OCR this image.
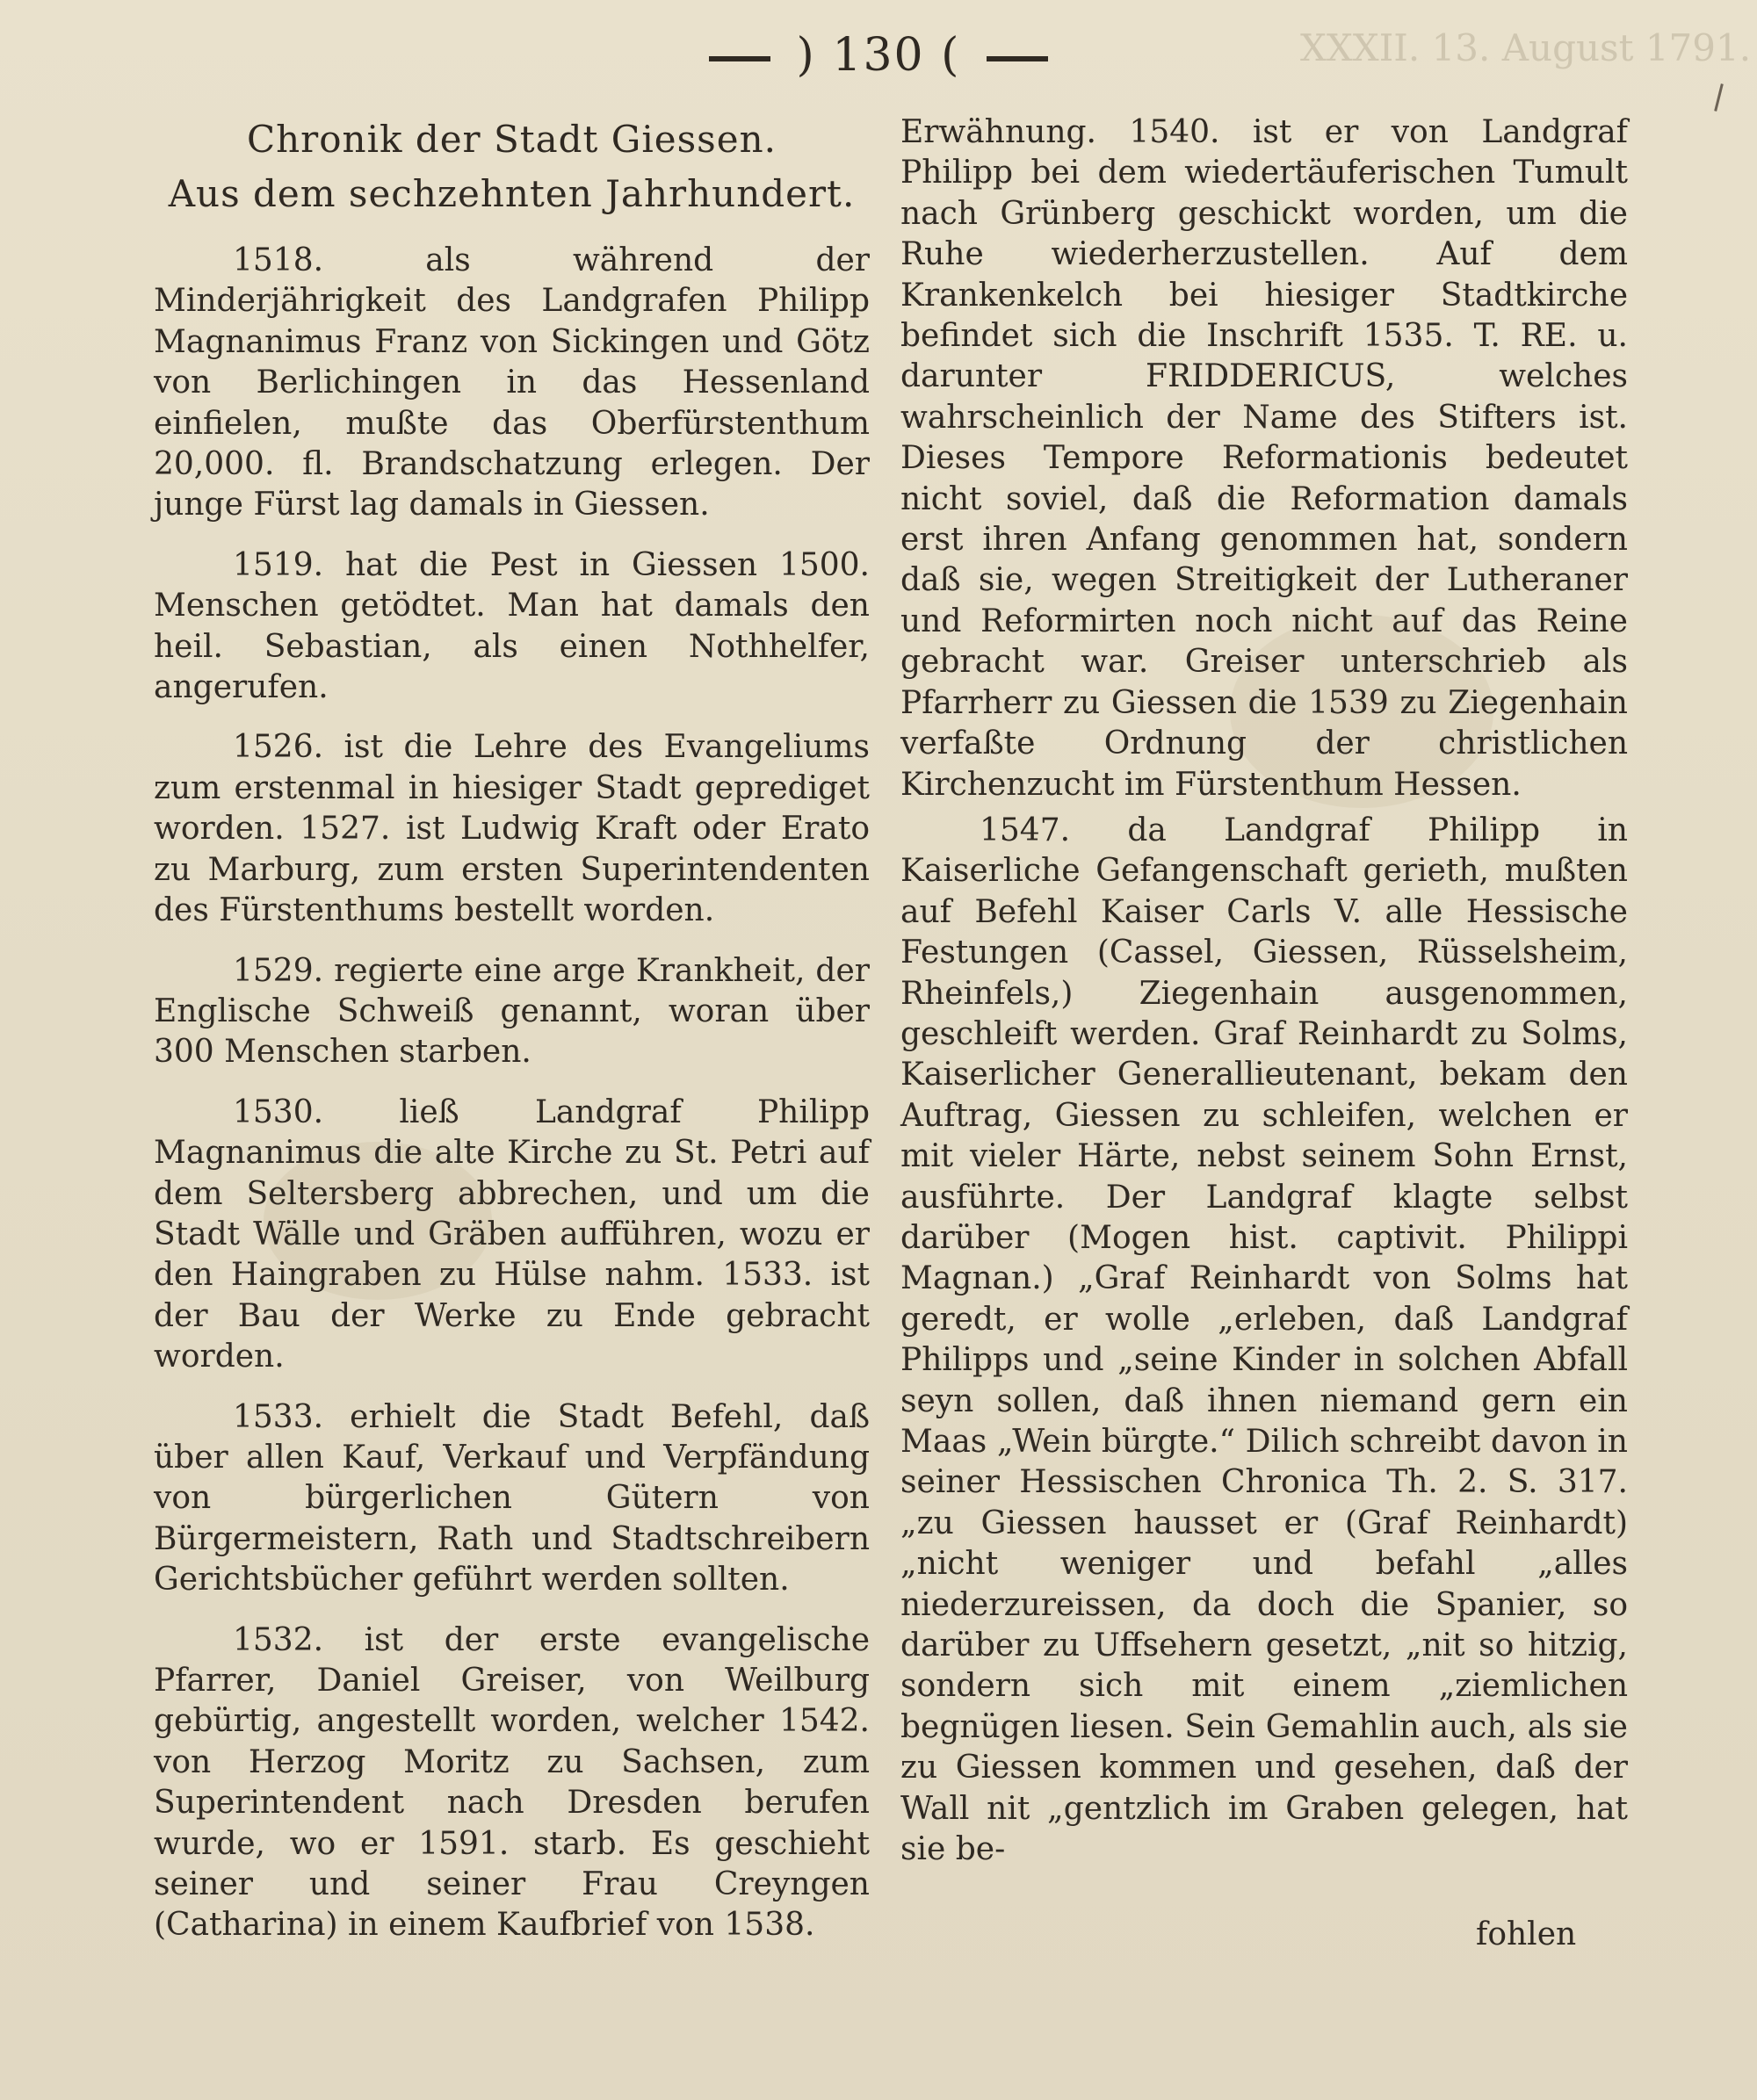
XXXII. 13. August 1791.
) 130 (
Chronik der Stadt Giessen.
Aus dem sechzehnten Jahrhundert.

1518. als während der Minderjährigkeit des Landgrafen Philipp Magnanimus Franz von Sickingen und Götz von Berlichingen in das Hessenland einfielen, mußte das Oberfürstenthum 20,000. fl. Brandschatzung erlegen. Der junge Fürst lag damals in Giessen.

1519. hat die Pest in Giessen 1500. Menschen getödtet. Man hat damals den heil. Sebastian, als einen Nothhelfer, angerufen.

1526. ist die Lehre des Evangeliums zum erstenmal in hiesiger Stadt geprediget worden. 1527. ist Ludwig Kraft oder Erato zu Marburg, zum ersten Superintendenten des Fürstenthums bestellt worden.

1529. regierte eine arge Krankheit, der Englische Schweiß genannt, woran über 300 Menschen starben.

1530. ließ Landgraf Philipp Magnanimus die alte Kirche zu St. Petri auf dem Seltersberg abbrechen, und um die Stadt Wälle und Gräben aufführen, wozu er den Haingraben zu Hülse nahm. 1533. ist der Bau der Werke zu Ende gebracht worden.

1533. erhielt die Stadt Befehl, daß über allen Kauf, Verkauf und Verpfändung von bürgerlichen Gütern von Bürgermeistern, Rath und Stadtschreibern Gerichtsbücher geführt werden sollten.

1532. ist der erste evangelische Pfarrer, Daniel Greiser, von Weilburg gebürtig, angestellt worden, welcher 1542. von Herzog Moritz zu Sachsen, zum Superintendent nach Dresden berufen wurde, wo er 1591. starb. Es geschieht seiner und seiner Frau Creyngen (Catharina) in einem Kaufbrief von 1538.

Erwähnung. 1540. ist er von Landgraf Philipp bei dem wiedertäuferischen Tumult nach Grünberg geschickt worden, um die Ruhe wiederherzustellen. Auf dem Krankenkelch bei hiesiger Stadtkirche befindet sich die Inschrift 1535. T. RE. u. darunter FRIDDERICUS, welches wahrscheinlich der Name des Stifters ist. Dieses Tempore Reformationis bedeutet nicht soviel, daß die Reformation damals erst ihren Anfang genommen hat, sondern daß sie, wegen Streitigkeit der Lutheraner und Reformirten noch nicht auf das Reine gebracht war. Greiser unterschrieb als Pfarrherr zu Giessen die 1539 zu Ziegenhain verfaßte Ordnung der christlichen Kirchenzucht im Fürstenthum Hessen.

1547. da Landgraf Philipp in Kaiserliche Gefangenschaft gerieth, mußten auf Befehl Kaiser Carls V. alle Hessische Festungen (Cassel, Giessen, Rüsselsheim, Rheinfels,) Ziegenhain ausgenommen, geschleift werden. Graf Reinhardt zu Solms, Kaiserlicher Generallieutenant, bekam den Auftrag, Giessen zu schleifen, welchen er mit vieler Härte, nebst seinem Sohn Ernst, ausführte. Der Landgraf klagte selbst darüber (Mogen hist. captivit. Philippi Magnan.) „Graf Reinhardt von Solms hat geredt, er wolle „erleben, daß Landgraf Philipps und „seine Kinder in solchen Abfall seyn sollen, daß ihnen niemand gern ein Maas „Wein bürgte.“ Dilich schreibt davon in seiner Hessischen Chronica Th. 2. S. 317. „zu Giessen hausset er (Graf Reinhardt) „nicht weniger und befahl „alles niederzureissen, da doch die Spanier, so darüber zu Uffsehern gesetzt, „nit so hitzig, sondern sich mit einem „ziemlichen begnügen liesen. Sein Gemahlin auch, als sie zu Giessen kommen und gesehen, daß der Wall nit „gentzlich im Graben gelegen, hat sie be-

fohlen
